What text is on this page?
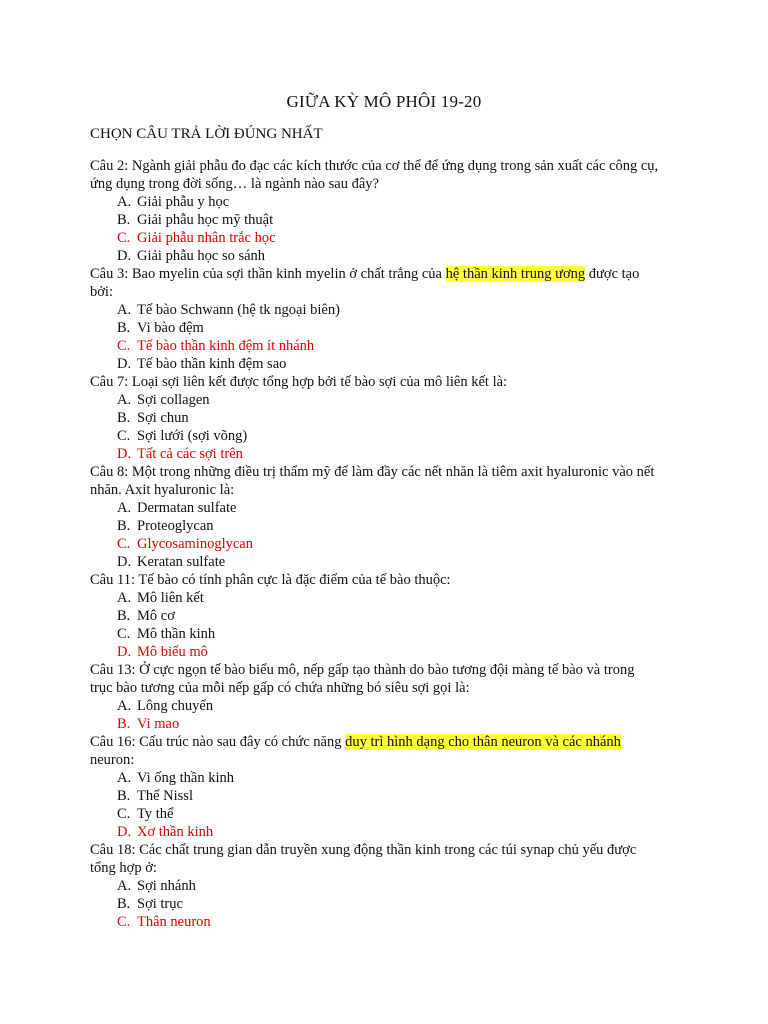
GIỮA KỲ MÔ PHÔI 19-20
CHỌN CÂU TRẢ LỜI ĐÚNG NHẤT
Câu 2: Ngành giải phẫu đo đạc các kích thước của cơ thể để ứng dụng trong sản xuất các công cụ, ứng dụng trong đời sống… là ngành nào sau đây?
A. Giải phẫu y học
B. Giải phẫu học mỹ thuật
C. Giải phẫu nhân trắc học
D. Giải phẫu học so sánh
Câu 3: Bao myelin của sợi thần kinh myelin ở chất trắng của hệ thần kinh trung ương được tạo bởi:
A. Tế bào Schwann (hệ tk ngoại biên)
B. Vi bào đệm
C. Tế bào thần kinh đệm ít nhánh
D. Tế bào thần kinh đệm sao
Câu 7: Loại sợi liên kết được tổng hợp bởi tế bào sợi của mô liên kết là:
A. Sợi collagen
B. Sợi chun
C. Sợi lưới (sợi võng)
D. Tất cả các sợi trên
Câu 8: Một trong những điều trị thẩm mỹ để làm đầy các nết nhăn là tiêm axit hyaluronic vào nết nhăn. Axit hyaluronic là:
A. Dermatan sulfate
B. Proteoglycan
C. Glycosaminoglycan
D. Keratan sulfate
Câu 11: Tế bào có tính phân cực là đặc điểm của tế bào thuộc:
A. Mô liên kết
B. Mô cơ
C. Mô thần kinh
D. Mô biểu mô
Câu 13: Ở cực ngọn tế bào biểu mô, nếp gấp tạo thành do bào tương đội màng tế bào và trong trục bào tương của mỗi nếp gấp có chứa những bó siêu sợi gọi là:
A. Lông chuyển
B. Vi mao
Câu 16: Cấu trúc nào sau đây có chức năng duy trì hình dạng cho thân neuron và các nhánh neuron:
A. Vi ống thần kinh
B. Thể Nissl
C. Ty thể
D. Xơ thần kinh
Câu 18: Các chất trung gian dẫn truyền xung động thần kinh trong các túi synap chủ yếu được tổng hợp ở:
A. Sợi nhánh
B. Sợi trục
C. Thân neuron
